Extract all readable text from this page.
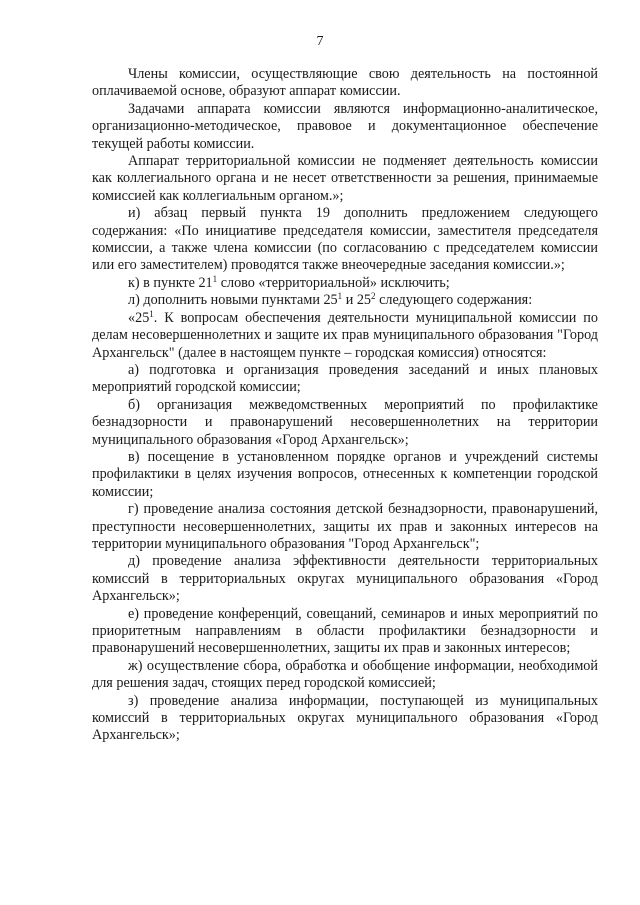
7

Члены комиссии, осуществляющие свою деятельность на постоянной оплачиваемой основе, образуют аппарат комиссии.

Задачами аппарата комиссии являются информационно-аналитическое, организационно-методическое, правовое и документационное обеспечение текущей работы комиссии.

Аппарат территориальной комиссии не подменяет деятельность комиссии как коллегиального органа и не несет ответственности за решения, принимаемые комиссией как коллегиальным органом.»;

и) абзац первый пункта 19 дополнить предложением следующего содержания: «По инициативе председателя комиссии, заместителя председателя комиссии, а также члена комиссии (по согласованию с председателем комиссии или его заместителем) проводятся также внеочередные заседания комиссии.»;

к) в пункте $21^1$ слово «территориальной» исключить;

л) дополнить новыми пунктами $25^1$ и $25^2$ следующего содержания:

«$25^1$. К вопросам обеспечения деятельности муниципальной комиссии по делам несовершеннолетних и защите их прав муниципального образования "Город Архангельск" (далее в настоящем пункте – городская комиссия) относятся:

а) подготовка и организация проведения заседаний и иных плановых мероприятий городской комиссии;

б) организация межведомственных мероприятий по профилактике безнадзорности и правонарушений несовершеннолетних на территории муниципального образования «Город Архангельск»;

в) посещение в установленном порядке органов и учреждений системы профилактики в целях изучения вопросов, отнесенных к компетенции городской комиссии;

г) проведение анализа состояния детской безнадзорности, правонарушений, преступности несовершеннолетних, защиты их прав и законных интересов на территории муниципального образования "Город Архангельск";

д) проведение анализа эффективности деятельности территориальных комиссий в территориальных округах муниципального образования «Город Архангельск»;

е) проведение конференций, совещаний, семинаров и иных мероприятий по приоритетным направлениям в области профилактики безнадзорности и правонарушений несовершеннолетних, защиты их прав и законных интересов;

ж) осуществление сбора, обработка и обобщение информации, необходимой для решения задач, стоящих перед городской комиссией;

з) проведение анализа информации, поступающей из муниципальных комиссий в территориальных округах муниципального образования «Город Архангельск»;
